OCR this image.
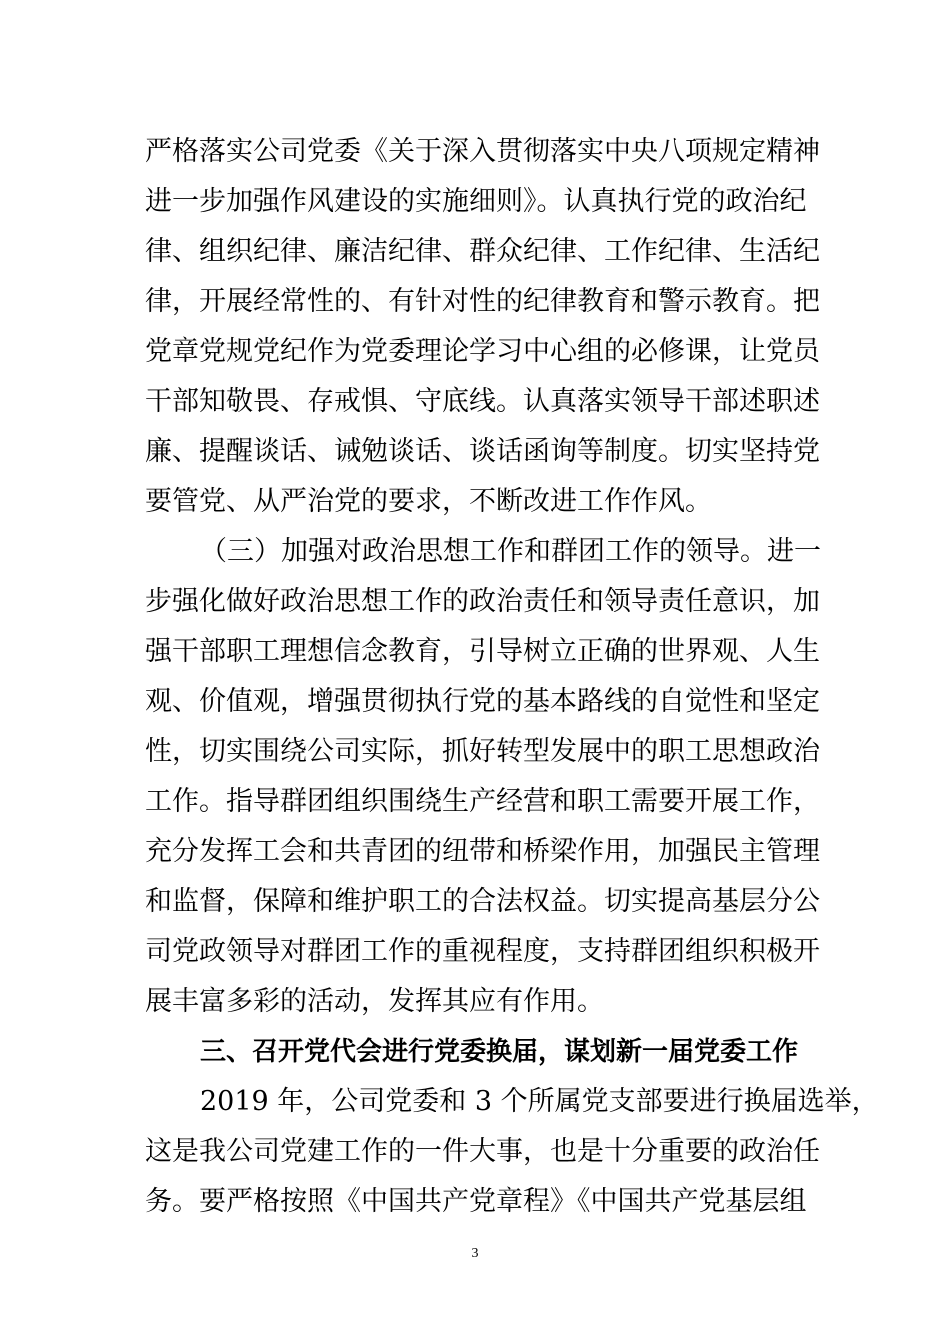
严格落实公司党委《关于深入贯彻落实中央八项规定精神
进一步加强作风建设的实施细则》。认真执行党的政治纪
律、组织纪律、廉洁纪律、群众纪律、工作纪律、生活纪
律，开展经常性的、有针对性的纪律教育和警示教育。把
党章党规党纪作为党委理论学习中心组的必修课，让党员
干部知敬畏、存戒惧、守底线。认真落实领导干部述职述
廉、提醒谈话、诫勉谈话、谈话函询等制度。切实坚持党
要管党、从严治党的要求，不断改进工作作风。
（三）加强对政治思想工作和群团工作的领导。进一
步强化做好政治思想工作的政治责任和领导责任意识，加
强干部职工理想信念教育，引导树立正确的世界观、人生
观、价值观，增强贯彻执行党的基本路线的自觉性和坚定
性，切实围绕公司实际，抓好转型发展中的职工思想政治
工作。指导群团组织围绕生产经营和职工需要开展工作，
充分发挥工会和共青团的纽带和桥梁作用，加强民主管理
和监督，保障和维护职工的合法权益。切实提高基层分公
司党政领导对群团工作的重视程度，支持群团组织积极开
展丰富多彩的活动，发挥其应有作用。
三、召开党代会进行党委换届，谋划新一届党委工作
2019 年，公司党委和 3 个所属党支部要进行换届选举，
这是我公司党建工作的一件大事，也是十分重要的政治任
务。要严格按照《中国共产党章程》《中国共产党基层组
3
